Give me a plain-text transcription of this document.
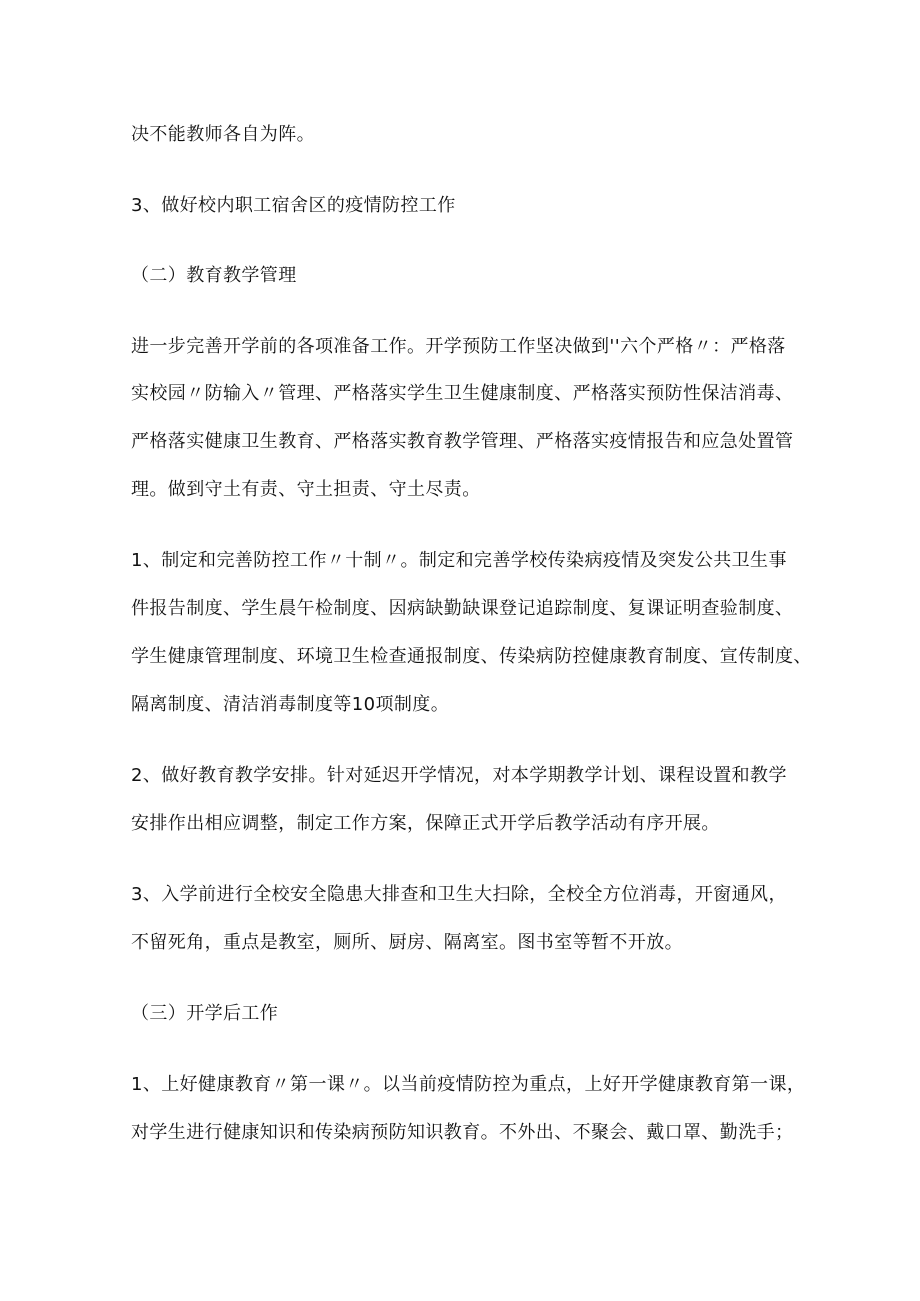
决不能教师各自为阵。
3、做好校内职工宿舍区的疫情防控工作
（二）教育教学管理
进一步完善开学前的各项准备工作。开学预防工作坚决做到''六个严格〃：严格落
实校园〃防输入〃管理、严格落实学生卫生健康制度、严格落实预防性保洁消毒、
严格落实健康卫生教育、严格落实教育教学管理、严格落实疫情报告和应急处置管
理。做到守土有责、守土担责、守土尽责。
1、制定和完善防控工作〃十制〃。制定和完善学校传染病疫情及突发公共卫生事
件报告制度、学生晨午检制度、因病缺勤缺课登记追踪制度、复课证明查验制度、
学生健康管理制度、环境卫生检查通报制度、传染病防控健康教育制度、宣传制度、
隔离制度、清洁消毒制度等10项制度。
2、做好教育教学安排。针对延迟开学情况，对本学期教学计划、课程设置和教学
安排作出相应调整，制定工作方案，保障正式开学后教学活动有序开展。
3、入学前进行全校安全隐患大排查和卫生大扫除，全校全方位消毒，开窗通风，
不留死角，重点是教室，厕所、厨房、隔离室。图书室等暂不开放。
（三）开学后工作
1、上好健康教育〃第一课〃。以当前疫情防控为重点，上好开学健康教育第一课，
对学生进行健康知识和传染病预防知识教育。不外出、不聚会、戴口罩、勤洗手；
